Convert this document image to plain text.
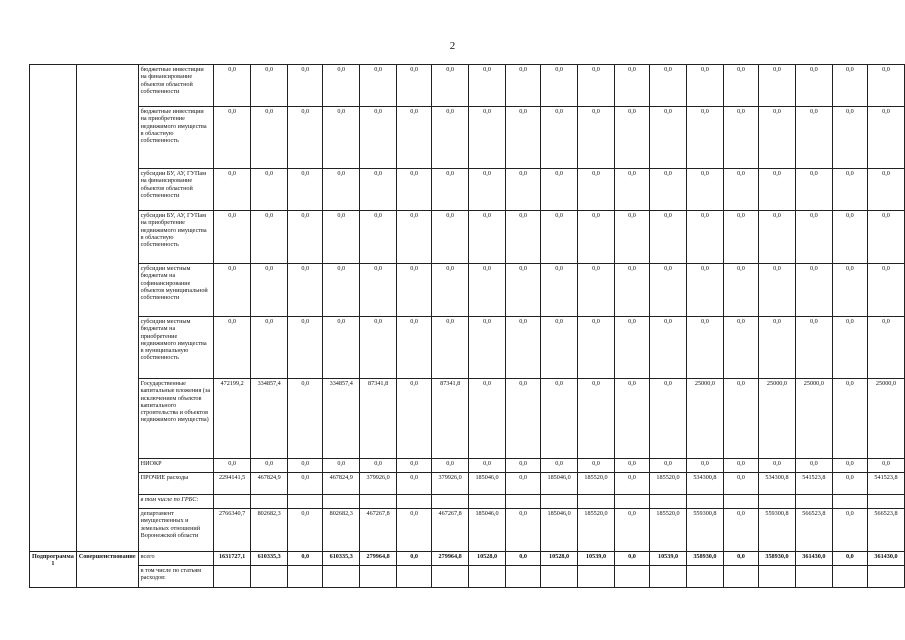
2
		бюджетные инвестиции на финансирование объектов областной собственности	0,0	0,0	0,0	0,0	0,0	0,0	0,0	0,0	0,0	0,0	0,0	0,0	0,0	0,0	0,0	0,0	0,0	0,0	0,0
		бюджетные инвестиции на приобретение недвижимого имущества в областную собственность	0,0	0,0	0,0	0,0	0,0	0,0	0,0	0,0	0,0	0,0	0,0	0,0	0,0	0,0	0,0	0,0	0,0	0,0	0,0
		субсидии БУ, АУ, ГУПам на финансирование объектов областной собственности	0,0	0,0	0,0	0,0	0,0	0,0	0,0	0,0	0,0	0,0	0,0	0,0	0,0	0,0	0,0	0,0	0,0	0,0	0,0
		субсидии БУ, АУ, ГУПам на приобретение недвижимого имущества в областную собственность	0,0	0,0	0,0	0,0	0,0	0,0	0,0	0,0	0,0	0,0	0,0	0,0	0,0	0,0	0,0	0,0	0,0	0,0	0,0
		субсидии местным бюджетам на софинансирование объектов муниципальной собственности	0,0	0,0	0,0	0,0	0,0	0,0	0,0	0,0	0,0	0,0	0,0	0,0	0,0	0,0	0,0	0,0	0,0	0,0	0,0
		субсидии местным бюджетам на приобретение недвижимого имущества в муниципальную собственность	0,0	0,0	0,0	0,0	0,0	0,0	0,0	0,0	0,0	0,0	0,0	0,0	0,0	0,0	0,0	0,0	0,0	0,0	0,0
		Государственные капитальные вложения (за исключением объектов капитального строительства и объектов недвижимого имущества)	472199,2	334857,4	0,0	334857,4	87341,8	0,0	87341,8	0,0	0,0	0,0	0,0	0,0	0,0	25000,0	0,0	25000,0	25000,0	0,0	25000,0
		НИОКР	0,0	0,0	0,0	0,0	0,0	0,0	0,0	0,0	0,0	0,0	0,0	0,0	0,0	0,0	0,0	0,0	0,0	0,0	0,0
		ПРОЧИЕ расходы	2294141,5	467824,9	0,0	467824,9	379926,0	0,0	379926,0	185046,0	0,0	185046,0	185520,0	0,0	185520,0	534300,8	0,0	534300,8	541523,8	0,0	541523,8
		в том числе по ГРБС:																			
		департамент имущественных и земельных отношений Воронежской области	2766340,7	802682,3	0,0	802682,3	467267,8	0,0	467267,8	185046,0	0,0	185046,0	185520,0	0,0	185520,0	559300,8	0,0	559300,8	566523,8	0,0	566523,8
Подпрограмма 1	Совершенствование	всего	1631727,1	610335,3	0,0	610335,3	279964,8	0,0	279964,8	10528,0	0,0	10528,0	10539,0	0,0	10539,0	358930,0	0,0	358930,0	361430,0	0,0	361430,0
		в том числе по статьям расходов:																			
